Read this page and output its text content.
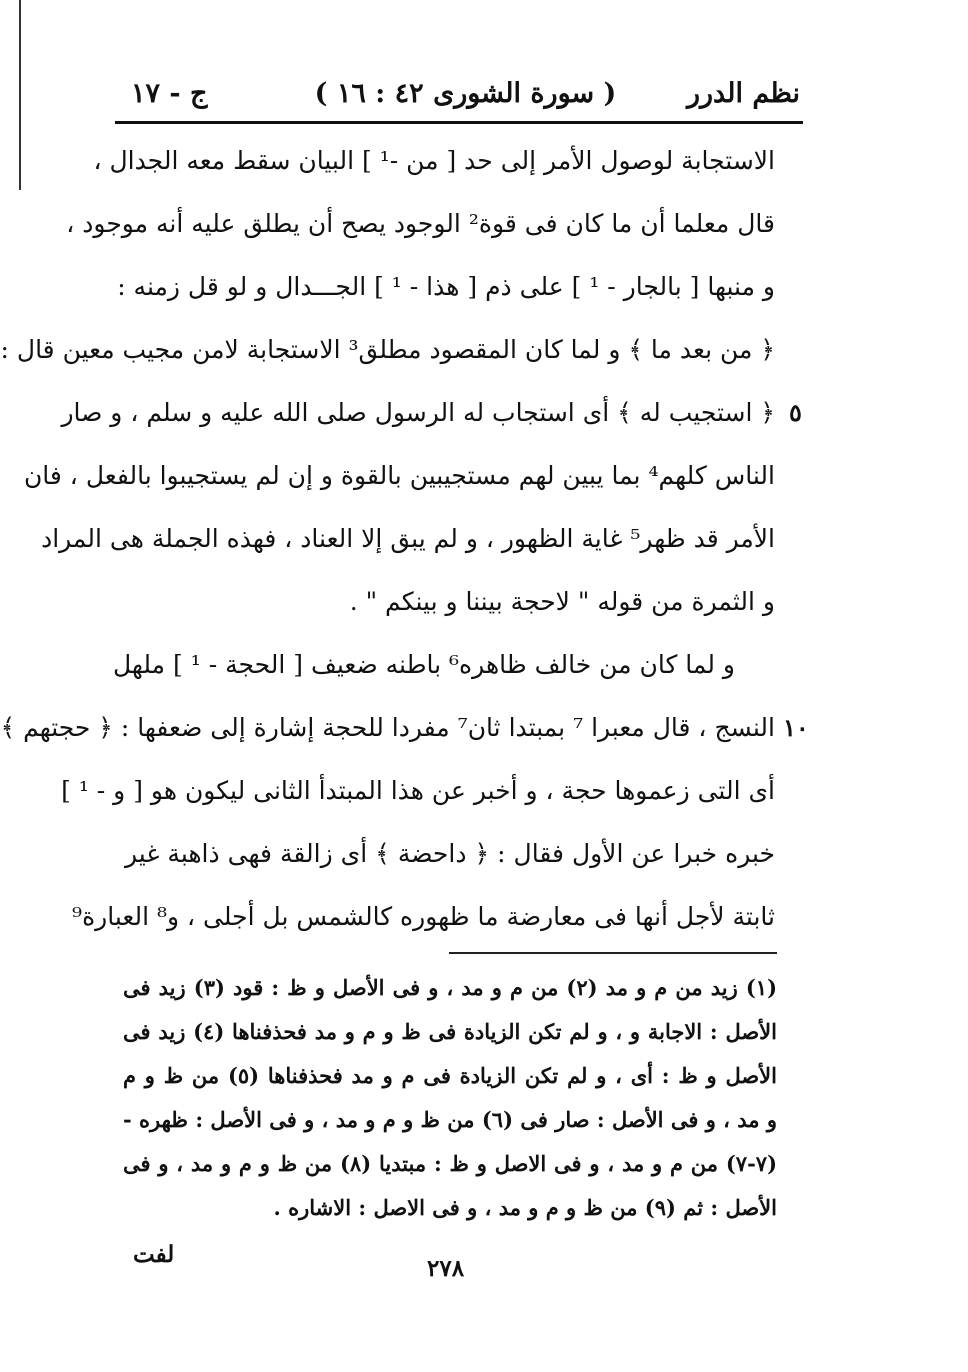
نظم الدرر
( سورة الشورى ٤٢ : ١٦ )
ج - ١٧
٥
١٠
الاستجابة لوصول الأمر إلى حد [ من -¹ ] البيان سقط معه الجدال ،
قال معلما أن ما كان فى قوة² الوجود يصح أن يطلق عليه أنه موجود ،
و منبها [ بالجار - ¹ ] على ذم [ هذا - ¹ ] الجـــدال و لو قل زمنه :
﴿ من بعد ما ﴾ و لما كان المقصود مطلق³ الاستجابة لامن مجيب معين قال :
﴿ استجيب له ﴾ أى استجاب له الرسول صلى الله عليه و سلم ، و صار
الناس كلهم⁴ بما يبين لهم مستجيبين بالقوة و إن لم يستجيبوا بالفعل ، فان
الأمر قد ظهر⁵ غاية الظهور ، و لم يبق إلا العناد ، فهذه الجملة هى المراد
و الثمرة من قوله " لاحجة بيننا و بينكم " .
و لما كان من خالف ظاهره⁶ باطنه ضعيف [ الحجة - ¹ ] ملهل
النسج ، قال معبرا ⁷ بمبتدا ثان⁷ مفردا للحجة إشارة إلى ضعفها : ﴿ حجتهم ﴾
أى التى زعموها حجة ، و أخبر عن هذا المبتدأ الثانى ليكون هو [ و - ¹ ]
خبره خبرا عن الأول فقال : ﴿ داحضة ﴾ أى زالقة فهى ذاهبة غير
ثابتة لأجل أنها فى معارضة ما ظهوره كالشمس بل أجلى ، و⁸ العبارة⁹
(١) زيد من م و مد (٢) من م و مد ، و فى الأصل و ظ : قود (٣) زيد فى
الأصل : الاجابة و ، و لم تكن الزيادة فى ظ و م و مد فحذفناها (٤) زيد فى
الأصل و ظ : أى ، و لم تكن الزيادة فى م و مد فحذفناها (٥) من ظ و م
و مد ، و فى الأصل : صار فى (٦) من ظ و م و مد ، و فى الأصل : ظهره -
(٧-٧) من م و مد ، و فى الاصل و ظ : مبتديا (٨) من ظ و م و مد ، و فى
الأصل : ثم (٩) من ظ و م و مد ، و فى الاصل : الاشاره .
٢٧٨
لفت
